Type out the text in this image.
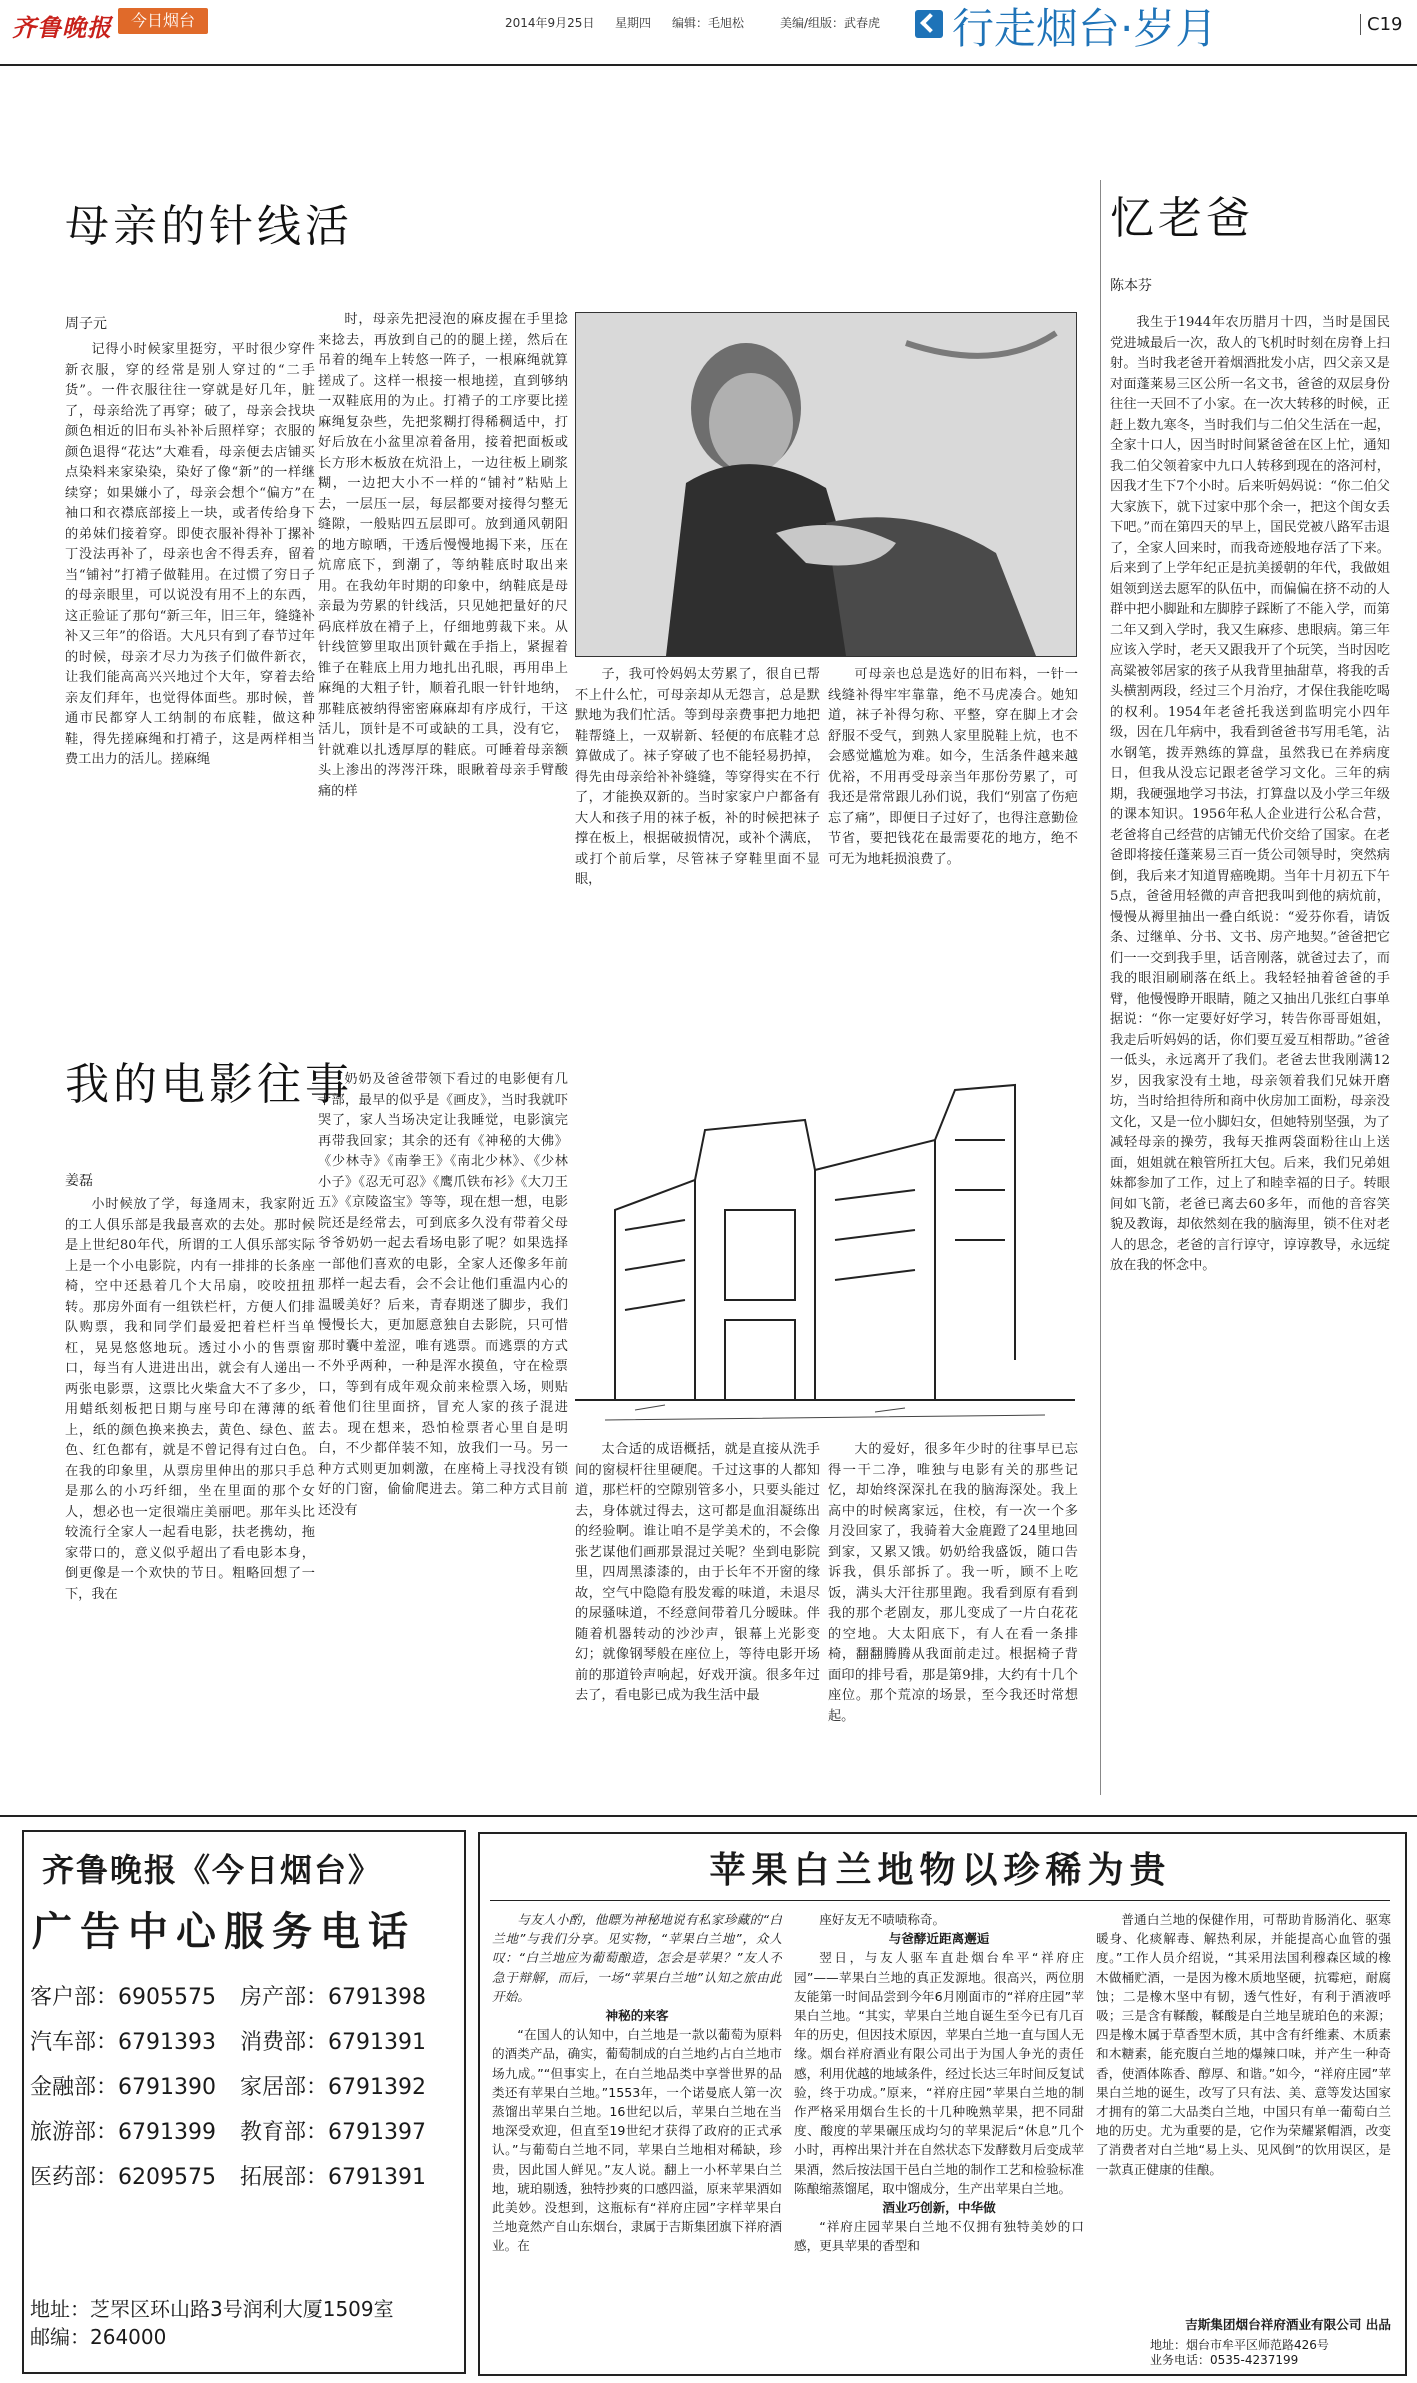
齐鲁晚报	今日烟台	2014年9月25日 星期四 编辑：毛旭松	美编/组版：武春虎 行走烟台·岁月	C19
母亲的针线活
周子元

记得小时候家里挺穷，平时很少穿件新衣服，穿的经常是别人穿过的“二手货”。一件衣服往往一穿就是好几年，脏了，母亲给洗了再穿；破了，母亲会找块颜色相近的旧布头补补后照样穿；衣服的颜色退得“花达”大难看，母亲便去店铺买点染料来家染染，染好了像“新”的一样继续穿；如果嫌小了，母亲会想个“偏方”在袖口和衣襟底部接上一块，或者传给身下的弟妹们接着穿。即使衣服补得补丁摞补丁没法再补了，母亲也舍不得丢弃，留着当“铺衬”打褙子做鞋用。在过惯了穷日子的母亲眼里，可以说没有用不上的东西，这正验证了那句“新三年，旧三年，缝缝补补又三年”的俗语。大凡只有到了春节过年的时候，母亲才尽力为孩子们做件新衣，让我们能高高兴兴地过个大年，穿着去给亲友们拜年，也觉得体面些。那时候，普通市民都穿人工纳制的布底鞋，做这种鞋，得先搓麻绳和打褙子，这是两样相当费工出力的活儿。搓麻绳

时，母亲先把浸泡的麻皮握在手里捻来捻去，再放到自己的的腿上搓，然后在吊着的绳车上转悠一阵子，一根麻绳就算搓成了。这样一根接一根地搓，直到够纳一双鞋底用的为止。打褙子的工序要比搓麻绳复杂些，先把浆糊打得稀稠适中，打好后放在小盆里凉着备用，接着把面板或长方形木板放在炕沿上，一边往板上刷浆糊，一边把大小不一样的“铺衬”粘贴上去，一层压一层，每层都要对接得匀整无缝隙，一般贴四五层即可。放到通风朝阳的地方晾晒，干透后慢慢地揭下来，压在炕席底下，到潮了，等纳鞋底时取出来用。在我幼年时期的印象中，纳鞋底是母亲最为劳累的针线活，只见她把量好的尺码底样放在褙子上，仔细地剪裁下来。从针线笸箩里取出顶针戴在手指上，紧握着锥子在鞋底上用力地扎出孔眼，再用串上麻绳的大粗子针，顺着孔眼一针针地纳，那鞋底被纳得密密麻麻却有序成行，干这活儿，顶针是不可或缺的工具，没有它，针就难以扎透厚厚的鞋底。可睡着母亲额头上渗出的涔涔汗珠，眼瞅着母亲手臂酸痛的样

子，我可怜妈妈太劳累了，很自已帮不上什么忙，可母亲却从无怨言，总是默默地为我们忙活。等到母亲费事把力地把鞋帮缝上，一双崭新、轻便的布底鞋才总算做成了。袜子穿破了也不能轻易扔掉，得先由母亲给补补缝缝，等穿得实在不行了，才能换双新的。当时家家户户都备有大人和孩子用的袜子板，补的时候把袜子撑在板上，根据破损情况，或补个满底，或打个前后掌，尽管袜子穿鞋里面不显眼，

可母亲也总是选好的旧布料，一针一线缝补得牢牢靠靠，绝不马虎凑合。她知道，袜子补得匀称、平整，穿在脚上才会舒服不受气，到熟人家里脱鞋上炕，也不会感觉尴尬为难。如今，生活条件越来越优裕，不用再受母亲当年那份劳累了，可我还是常常跟儿孙们说，我们“别富了伤疤忘了痛”，即便日子过好了，也得注意勤俭节省，要把钱花在最需要花的地方，绝不可无为地耗损浪费了。

我的电影往事
姜磊

小时候放了学，每逢周末，我家附近的工人俱乐部是我最喜欢的去处。那时候是上世纪80年代，所谓的工人俱乐部实际上是一个小电影院，内有一排排的长条座椅，空中还悬着几个大吊扇，咬咬扭扭转。那房外面有一组铁栏杆，方便人们排队购票，我和同学们最爱把着栏杆当单杠，晃晃悠悠地玩。透过小小的售票窗口，每当有人进进出出，就会有人递出一两张电影票，这票比火柴盒大不了多少，用蜡纸刻板把日期与座号印在薄薄的纸上，纸的颜色换来换去，黄色、绿色、蓝色、红色都有，就是不曾记得有过白色。在我的印象里，从票房里伸出的那只手总是那么的小巧纤细，坐在里面的那个女人，想必也一定很端庄美丽吧。那年头比较流行全家人一起看电影，扶老携幼，拖家带口的，意义似乎超出了看电影本身，倒更像是一个欢快的节日。粗略回想了一下，我在

奶奶及爸爸带领下看过的电影便有几十部，最早的似乎是《画皮》，当时我就吓哭了，家人当场决定让我睡觉，电影演完再带我回家；其余的还有《神秘的大佛》《少林寺》《南拳王》《南北少林》、《少林小子》《忍无可忍》《鹰爪铁布衫》《大刀王五》《京陵盗宝》等等，现在想一想，电影院还是经常去，可到底多久没有带着父母爷爷奶奶一起去看场电影了呢？如果选择一部他们喜欢的电影，全家人还像多年前那样一起去看，会不会让他们重温内心的温暖美好？后来，青春期迷了脚步，我们慢慢长大，更加愿意独自去影院，只可惜那时囊中羞涩，唯有逃票。而逃票的方式不外乎两种，一种是浑水摸鱼，守在检票口，等到有成年观众前来检票入场，则贴着他们往里面挤，冒充人家的孩子混进去。现在想来，恐怕检票者心里自是明白，不少都佯装不知，放我们一马。另一种方式则更加刺激，在座椅上寻找没有锁好的门窗，偷偷爬进去。第二种方式目前还没有

太合适的成语概括，就是直接从洗手间的窗棂杆往里硬爬。千过这事的人都知道，那栏杆的空隙别管多小，只要头能过去，身体就过得去，这可都是血泪凝练出的经验啊。谁让咱不是学美术的，不会像张艺谋他们画那景混过关呢？坐到电影院里，四周黑漆漆的，由于长年不开窗的缘故，空气中隐隐有股发霉的味道，未退尽的尿骚味道，不经意间带着几分暧昧。伴随着机器转动的沙沙声，银幕上光影变幻；就像钢琴般在座位上，等待电影开场前的那道铃声响起，好戏开演。很多年过去了，看电影已成为我生活中最

大的爱好，很多年少时的往事早已忘得一干二净，唯独与电影有关的那些记忆，却始终深深扎在我的脑海深处。我上高中的时候离家远，住校，有一次一个多月没回家了，我骑着大金鹿蹬了24里地回到家，又累又饿。奶奶给我盛饭，随口告诉我，俱乐部拆了。我一听，顾不上吃饭，满头大汗往那里跑。我看到原有看到我的那个老剧友，那儿变成了一片白花花的空地。大太阳底下，有人在看一条排椅，翻翻腾腾从我面前走过。根据椅子背面印的排号看，那是第9排，大约有十几个座位。那个荒凉的场景，至今我还时常想起。

忆老爸
陈本芬

我生于1944年农历腊月十四，当时是国民党进城最后一次，敌人的飞机时时刻在房脊上扫射。当时我老爸开着烟酒批发小店，四父亲又是对面蓬莱易三区公所一名文书，爸爸的双层身份往往一天回不了小家。在一次大转移的时候，正赶上数九寒冬，当时我们与二伯父生活在一起，全家十口人，因当时时间紧爸爸在区上忙，通知我二伯父领着家中九口人转移到现在的洛河村，因我才生下7个小时。后来听妈妈说：“你二伯父大家族下，就下过家中那个余一，把这个闺女丢下吧。”而在第四天的早上，国民党被八路军击退了，全家人回来时，而我奇迹般地存活了下来。后来到了上学年纪正是抗美援朝的年代，我做姐姐领到送去愿军的队伍中，而偏偏在挤不动的人群中把小脚趾和左脚脖子踩断了不能入学，而第二年又到入学时，我又生麻疹、患眼病。第三年应该入学时，老天又跟我开了个玩笑，当时因吃高粱被邻居家的孩子从我背里抽甜草，将我的舌头横割两段，经过三个月治疗，才保住我能吃喝的权利。1954年老爸托我送到监明完小四年级，因在几年病中，我看到爸爸书写用毛笔，沾水钢笔，拨弄熟练的算盘，虽然我已在养病度日，但我从没忘记跟老爸学习文化。三年的病期，我硬强地学习书法，打算盘以及小学三年级的课本知识。1956年私人企业进行公私合营，老爸将自己经营的店铺无代价交给了国家。在老爸即将接任蓬莱易三百一货公司领导时，突然病倒，我后来才知道胃癌晚期。当年十月初五下午5点，爸爸用轻微的声音把我叫到他的病炕前，慢慢从褥里抽出一叠白纸说：“爱芬你看，请饭条、过继单、分书、文书、房产地契。”爸爸把它们一一交到我手里，话音刚落，就爸过去了，而我的眼泪刷刷落在纸上。我轻轻抽着爸爸的手臂，他慢慢睁开眼睛，随之又抽出几张红白事单据说：“你一定要好好学习，转告你哥哥姐姐，我走后听妈妈的话，你们要互爱互相帮助。”爸爸一低头，永远离开了我们。老爸去世我刚满12岁，因我家没有土地，母亲领着我们兄妹开磨坊，当时给担待所和商中伙房加工面粉，母亲没文化，又是一位小脚妇女，但她特别坚强，为了减轻母亲的操劳，我每天推两袋面粉往山上送面，姐姐就在粮管所扛大包。后来，我们兄弟姐妹都参加了工作，过上了和睦幸福的日子。转眼间如飞箭，老爸已离去60多年，而他的音容笑貌及教诲，却依然刻在我的脑海里，锁不住对老人的思念，老爸的言行谆守，谆谆教导，永远绽放在我的怀念中。

齐鲁晚报《今日烟台》
广告中心服务电话
客户部：6905575	房产部：6791398
汽车部：6791393	消费部：6791391
金融部：6791390	家居部：6791392
旅游部：6791399	教育部：6791397
医药部：6209575	拓展部：6791391
地址：芝罘区环山路3号润利大厦1509室
邮编：264000
苹果白兰地物以珍稀为贵

与友人小酌，他瞟为神秘地说有私家珍藏的“白兰地”与我们分享。见实物，“苹果白兰地”，众人叹：“白兰地应为葡萄酿造，怎会是苹果？”友人不急于辩解，而后，一场“苹果白兰地”认知之旅由此开始。

神秘的来客

“在国人的认知中，白兰地是一款以葡萄为原料的酒类产品，确实，葡萄制成的白兰地约占白兰地市场九成。”“但事实上，在白兰地品类中享誉世界的品类还有苹果白兰地。”1553年，一个诺曼底人第一次蒸馏出苹果白兰地。16世纪以后，苹果白兰地在当地深受欢迎，但直至19世纪才获得了政府的正式承认。”与葡萄白兰地不同，苹果白兰地相对稀缺，珍贵，因此国人鲜见。”友人说。翻上一小杯苹果白兰地，琥珀剔透，独特抄爽的口感四溢，原来苹果酒如此美妙。没想到，这瓶标有“祥府庄园”字样苹果白兰地竟然产自山东烟台，隶属于吉斯集团旗下祥府酒业。在

座好友无不啧啧称奇。

与爸酵近距离邂逅

翌日，与友人驱车直赴烟台牟平“祥府庄园”——苹果白兰地的真正发源地。很高兴，两位朋友能第一时间品尝到今年6月刚面市的“祥府庄园”苹果白兰地。“其实，苹果白兰地自诞生至今已有几百年的历史，但因技术原因，苹果白兰地一直与国人无缘。烟台祥府酒业有限公司出于为国人争光的责任感，利用优越的地域条件，经过长达三年时间反复试验，终于功成。”原来，“祥府庄园”苹果白兰地的制作严格采用烟台生长的十几种晚熟苹果，把不同甜度、酸度的苹果碾压成均匀的苹果泥后“休息”几个小时，再榨出果汁并在自然状态下发酵数月后变成苹果酒，然后按法国干邑白兰地的制作工艺和检验标准陈酿缩蒸馏尾，取中馏成分，生产出苹果白兰地。

酒业巧创新，中华做

“祥府庄园苹果白兰地不仅拥有独特美妙的口感，更具苹果的香型和

普通白兰地的保健作用，可帮助肯肠消化、驱寒暖身、化痰解毒、解热利尿，并能提高心血管的强度。”工作人员介绍说，“其采用法国利穆森区域的橡木做桶贮酒，一是因为橡木质地坚硬，抗霉疤，耐腐蚀；二是橡木坚中有韧，透气性好，有利于酒液呼吸；三是含有鞣酸，鞣酸是白兰地呈琥珀色的来源；四是橡木属于草香型木质，其中含有纤维素、木质素和木糖素，能充腹白兰地的爆辣口味，并产生一种奇香，使酒体陈香、醇厚、和谐。”如今，“祥府庄园”苹果白兰地的诞生，改写了只有法、美、意等发达国家才拥有的第二大品类白兰地，中国只有单一葡萄白兰地的历史。尤为重要的是，它作为荣耀紧帽酒，改变了消费者对白兰地“易上头、见风倒”的饮用误区，是一款真正健康的佳酿。

吉斯集团烟台祥府酒业有限公司 出品
地址：烟台市牟平区师范路426号
业务电话：0535-4237199
